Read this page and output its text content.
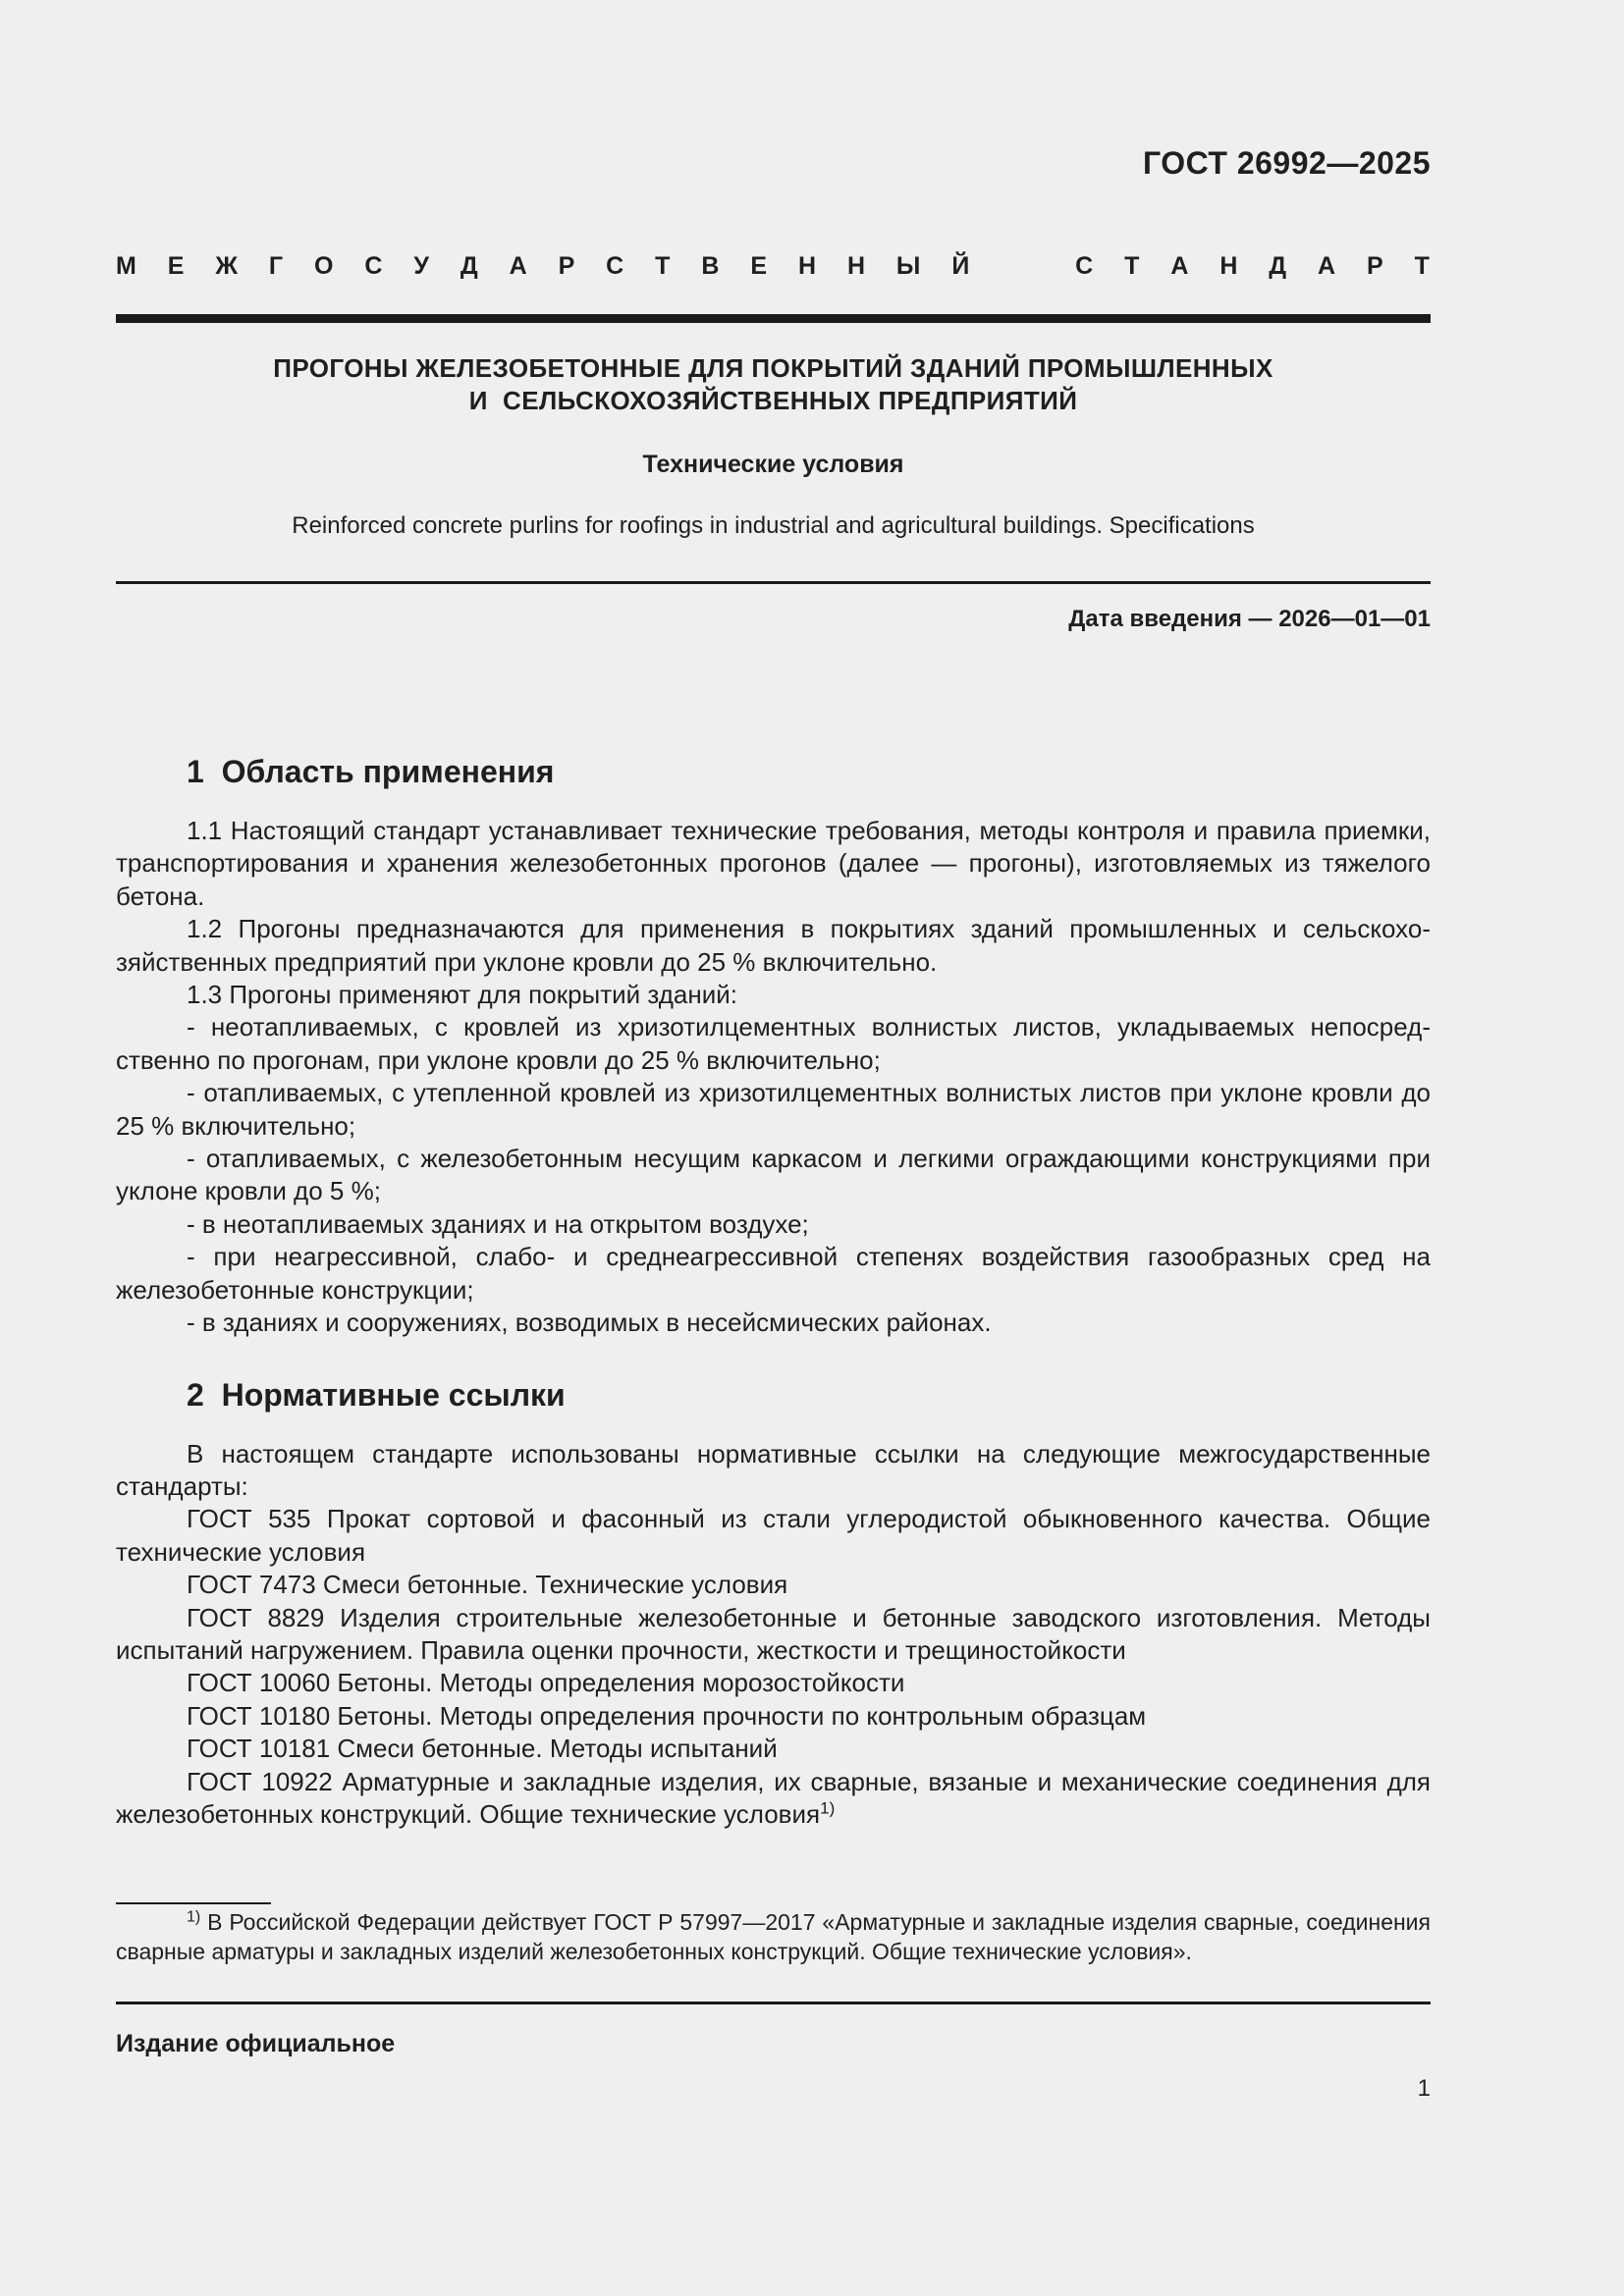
ГОСТ 26992—2025
М Е Ж Г О С У Д А Р С Т В Е Н Н Ы Й	С Т А Н Д А Р Т
ПРОГОНЫ ЖЕЛЕЗОБЕТОННЫЕ ДЛЯ ПОКРЫТИЙ ЗДАНИЙ ПРОМЫШЛЕННЫХ
И  СЕЛЬСКОХОЗЯЙСТВЕННЫХ ПРЕДПРИЯТИЙ
Технические условия
Reinforced concrete purlins for roofings in industrial and agricultural buildings. Specifications
Дата введения — 2026—01—01
1  Область применения

1.1 Настоящий стандарт устанавливает технические требования, методы контроля и правила приемки, транспортирования и хранения железобетонных прогонов (далее — прогоны), изготовляемых из тяжелого бетона.

1.2 Прогоны предназначаются для применения в покрытиях зданий промышленных и сельскохозяйственных предприятий при уклоне кровли до 25 % включительно.

1.3 Прогоны применяют для покрытий зданий:

- неотапливаемых, с кровлей из хризотилцементных волнистых листов, укладываемых непосредственно по прогонам, при уклоне кровли до 25 % включительно;

- отапливаемых, с утепленной кровлей из хризотилцементных волнистых листов при уклоне кровли до 25 % включительно;

- отапливаемых, с железобетонным несущим каркасом и легкими ограждающими конструкциями при уклоне кровли до 5 %;

- в неотапливаемых зданиях и на открытом воздухе;

- при неагрессивной, слабо- и среднеагрессивной степенях воздействия газообразных сред на железобетонные конструкции;

- в зданиях и сооружениях, возводимых в несейсмических районах.

2  Нормативные ссылки

В настоящем стандарте использованы нормативные ссылки на следующие межгосударственные стандарты:

ГОСТ 535 Прокат сортовой и фасонный из стали углеродистой обыкновенного качества. Общие технические условия

ГОСТ 7473 Смеси бетонные. Технические условия

ГОСТ 8829 Изделия строительные железобетонные и бетонные заводского изготовления. Методы испытаний нагружением. Правила оценки прочности, жесткости и трещиностойкости

ГОСТ 10060 Бетоны. Методы определения морозостойкости

ГОСТ 10180 Бетоны. Методы определения прочности по контрольным образцам

ГОСТ 10181 Смеси бетонные. Методы испытаний

ГОСТ 10922 Арматурные и закладные изделия, их сварные, вязаные и механические соединения для железобетонных конструкций. Общие технические условия$^{1)}$

$^{1)}$ В Российской Федерации действует ГОСТ Р 57997—2017 «Арматурные и закладные изделия сварные, соединения сварные арматуры и закладных изделий железобетонных конструкций. Общие технические условия».
Издание официальное
1
